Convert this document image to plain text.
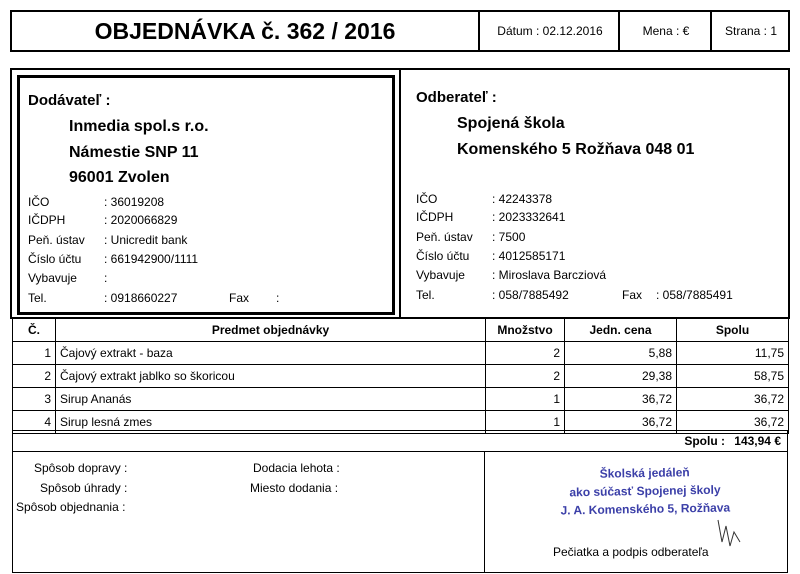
OBJEDNÁVKA č. 362 / 2016	Dátum : 02.12.2016	Mena : €	Strana : 1
Dodávateľ :
Inmedia spol.s r.o.
Námestie SNP 11
96001 Zvolen
IČO	: 36019208
IČDPH	: 2020066829
Peň. ústav : Unicredit bank
Číslo účtu : 661942900/1111
Vybavuje :
Tel.	: 0918660227	Fax :
Odberateľ :
Spojená škola
Komenského 5 Rožňava 048 01
IČO	: 42243378
IČDPH	: 2023332641
Peň. ústav : 7500
Číslo účtu : 4012585171
Vybavuje : Miroslava Barcziová
Tel.	: 058/7885492	Fax : 058/7885491
Č.	Predmet objednávky	Množstvo	Jedn. cena	Spolu
1	Čajový extrakt - baza	2	5,88	11,75
2	Čajový extrakt jablko so škoricou	2	29,38	58,75
3	Sirup Ananás	1	36,72	36,72
4	Sirup lesná zmes	1	36,72	36,72
Spolu : 143,94 €
Spôsob dopravy :
Spôsob úhrady :
Spôsob objednania :
Dodacia lehota :
Miesto dodania :
Školská jedáleň
ako súčasť Spojenej školy
J. A. Komenského 5, Rožňava
Pečiatka a podpis odberateľa
